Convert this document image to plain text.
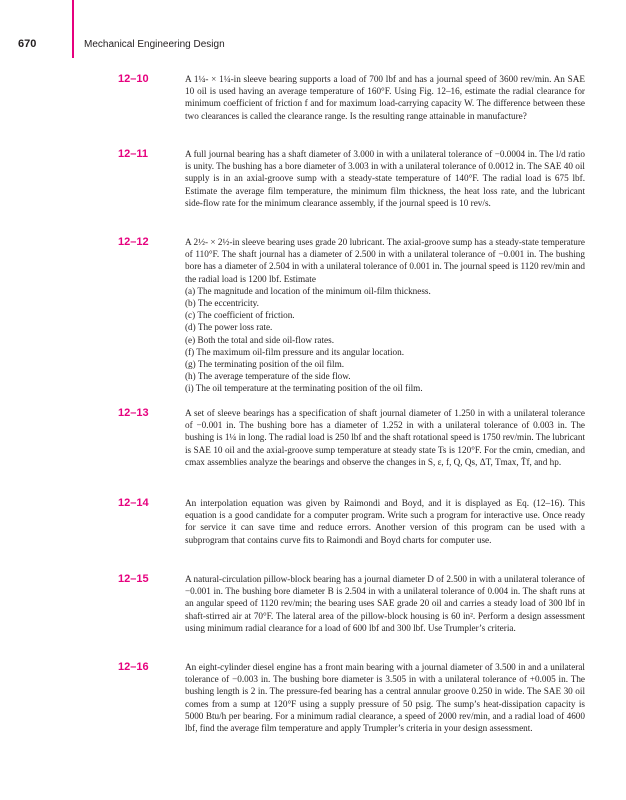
670	Mechanical Engineering Design
12–10	A 1¼- × 1¼-in sleeve bearing supports a load of 700 lbf and has a journal speed of 3600 rev/min. An SAE 10 oil is used having an average temperature of 160°F. Using Fig. 12–16, estimate the radial clearance for minimum coefficient of friction f and for maximum load-carrying capacity W. The difference between these two clearances is called the clearance range. Is the resulting range attainable in manufacture?

12–11	A full journal bearing has a shaft diameter of 3.000 in with a unilateral tolerance of −0.0004 in. The l/d ratio is unity. The bushing has a bore diameter of 3.003 in with a unilateral tolerance of 0.0012 in. The SAE 40 oil supply is in an axial-groove sump with a steady-state temperature of 140°F. The radial load is 675 lbf. Estimate the average film temperature, the minimum film thickness, the heat loss rate, and the lubricant side-flow rate for the minimum clearance assembly, if the journal speed is 10 rev/s.

12–12	A 2½- × 2½-in sleeve bearing uses grade 20 lubricant. The axial-groove sump has a steady-state temperature of 110°F. The shaft journal has a diameter of 2.500 in with a unilateral tolerance of −0.001 in. The bushing bore has a diameter of 2.504 in with a unilateral tolerance of 0.001 in. The journal speed is 1120 rev/min and the radial load is 1200 lbf. Estimate

(a) The magnitude and location of the minimum oil-film thickness.
(b) The eccentricity.
(c) The coefficient of friction.
(d) The power loss rate.
(e) Both the total and side oil-flow rates.
(f) The maximum oil-film pressure and its angular location.
(g) The terminating position of the oil film.
(h) The average temperature of the side flow.
(i) The oil temperature at the terminating position of the oil film.
12–13	A set of sleeve bearings has a specification of shaft journal diameter of 1.250 in with a unilateral tolerance of −0.001 in. The bushing bore has a diameter of 1.252 in with a unilateral tolerance of 0.003 in. The bushing is 1¼ in long. The radial load is 250 lbf and the shaft rotational speed is 1750 rev/min. The lubricant is SAE 10 oil and the axial-groove sump temperature at steady state Ts is 120°F. For the cmin, cmedian, and cmax assemblies analyze the bearings and observe the changes in S, ε, f, Q, Qs, ΔT, Tmax, T̄f, and hp.

12–14	An interpolation equation was given by Raimondi and Boyd, and it is displayed as Eq. (12–16). This equation is a good candidate for a computer program. Write such a program for interactive use. Once ready for service it can save time and reduce errors. Another version of this program can be used with a subprogram that contains curve fits to Raimondi and Boyd charts for computer use.

12–15	A natural-circulation pillow-block bearing has a journal diameter D of 2.500 in with a unilateral tolerance of −0.001 in. The bushing bore diameter B is 2.504 in with a unilateral tolerance of 0.004 in. The shaft runs at an angular speed of 1120 rev/min; the bearing uses SAE grade 20 oil and carries a steady load of 300 lbf in shaft-stirred air at 70°F. The lateral area of the pillow-block housing is 60 in². Perform a design assessment using minimum radial clearance for a load of 600 lbf and 300 lbf. Use Trumpler’s criteria.

12–16	An eight-cylinder diesel engine has a front main bearing with a journal diameter of 3.500 in and a unilateral tolerance of −0.003 in. The bushing bore diameter is 3.505 in with a unilateral tolerance of +0.005 in. The bushing length is 2 in. The pressure-fed bearing has a central annular groove 0.250 in wide. The SAE 30 oil comes from a sump at 120°F using a supply pressure of 50 psig. The sump’s heat-dissipation capacity is 5000 Btu/h per bearing. For a minimum radial clearance, a speed of 2000 rev/min, and a radial load of 4600 lbf, find the average film temperature and apply Trumpler’s criteria in your design assessment.
